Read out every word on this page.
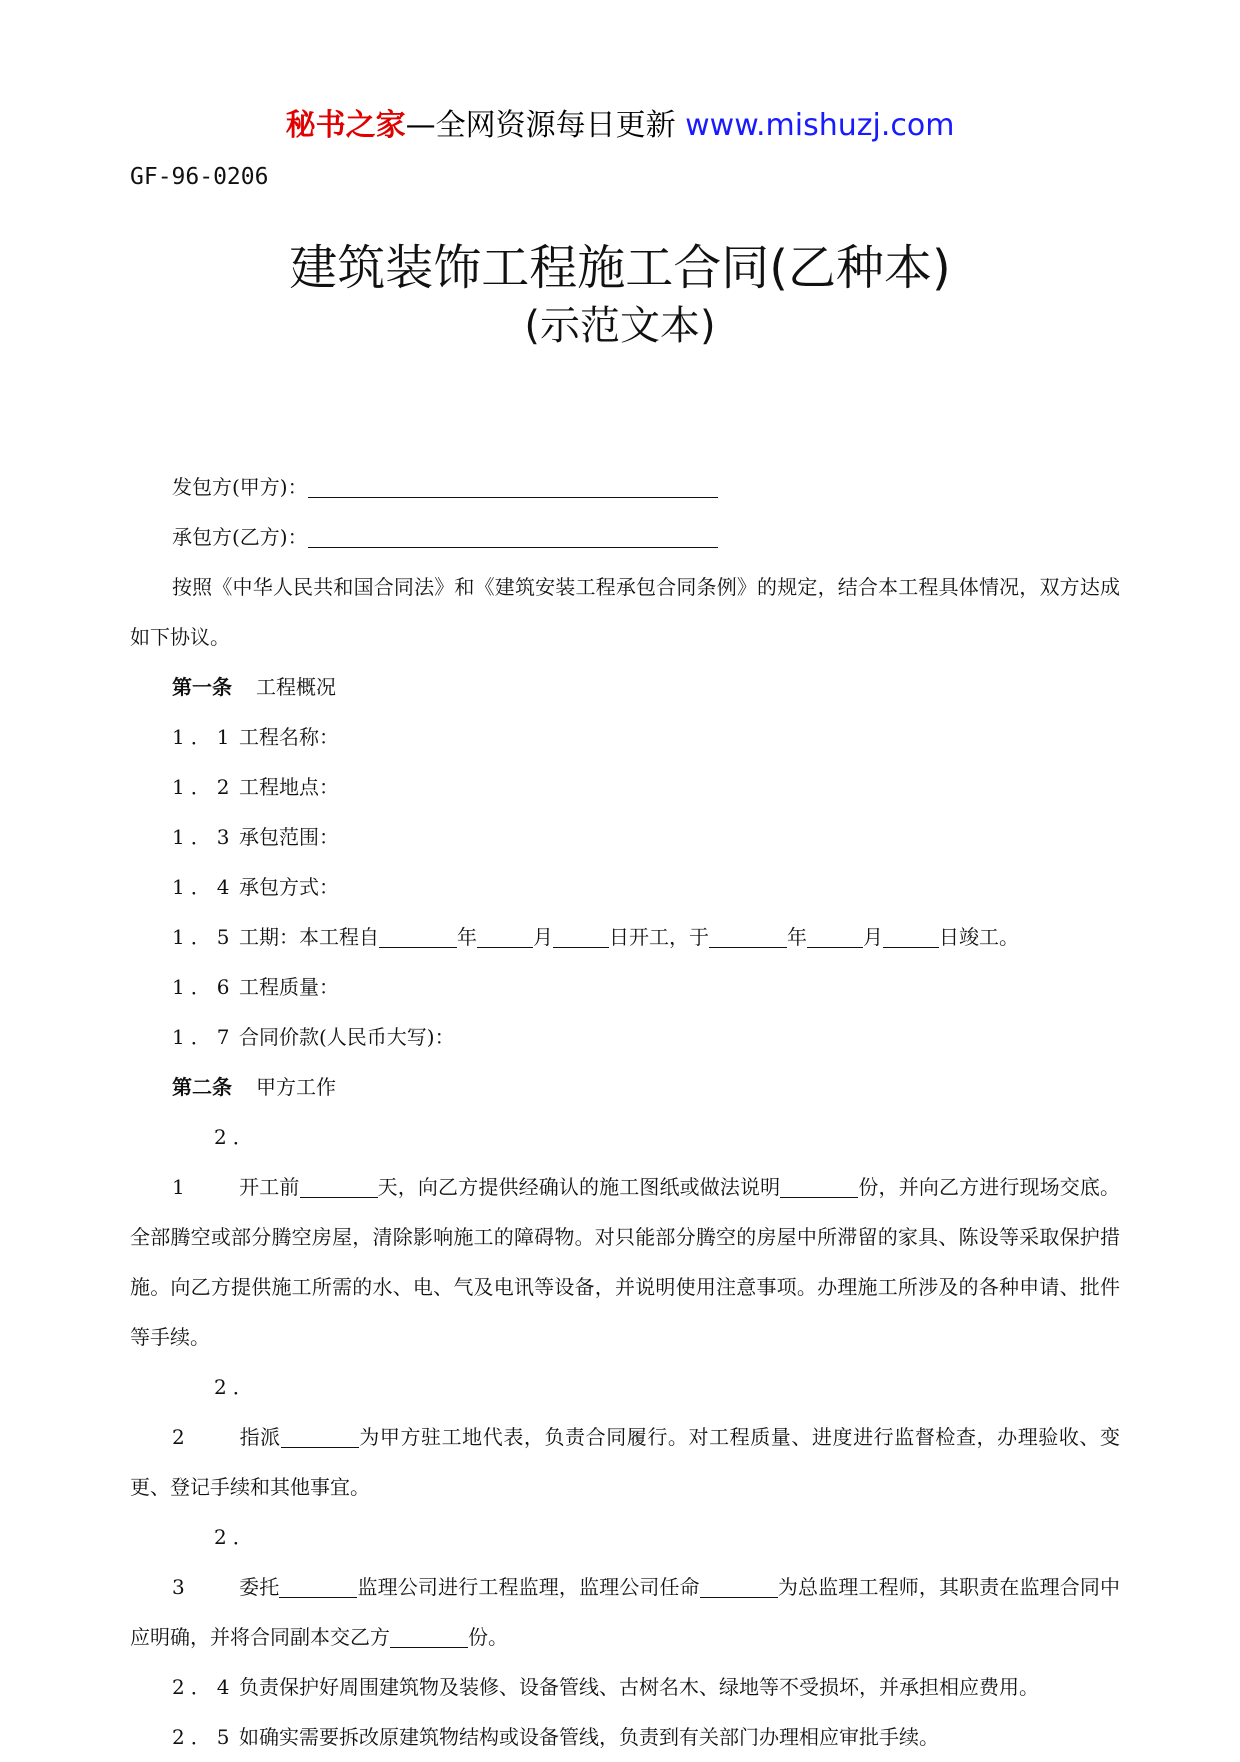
秘书之家—全网资源每日更新 www.mishuzj.com
GF-96-0206
建筑装饰工程施工合同(乙种本)
(示范文本)
发包方(甲方)：
承包方(乙方)：
按照《中华人民共和国合同法》和《建筑安装工程承包合同条例》的规定，结合本工程具体情况，双方达成如下协议。
第一条 工程概况
1．1 工程名称：
1．2 工程地点：
1．3 承包范围：
1．4 承包方式：
1．5 工期：本工程自	年	月	日开工，于	年	月	日竣工。
1．6 工程质量：
1．7 合同价款(人民币大写)：
第二条 甲方工作
2．1 开工前	天，向乙方提供经确认的施工图纸或做法说明	份，并向乙方进行现场交底。全部腾空或部分腾空房屋，清除影响施工的障碍物。对只能部分腾空的房屋中所滞留的家具、陈设等采取保护措施。向乙方提供施工所需的水、电、气及电讯等设备，并说明使用注意事项。办理施工所涉及的各种申请、批件等手续。
2．2 指派	为甲方驻工地代表，负责合同履行。对工程质量、进度进行监督检查，办理验收、变更、登记手续和其他事宜。
2．3 委托	监理公司进行工程监理，监理公司任命	为总监理工程师，其职责在监理合同中应明确，并将合同副本交乙方	份。
2．4 负责保护好周围建筑物及装修、设备管线、古树名木、绿地等不受损坏，并承担相应费用。
2．5 如确实需要拆改原建筑物结构或设备管线，负责到有关部门办理相应审批手续。
